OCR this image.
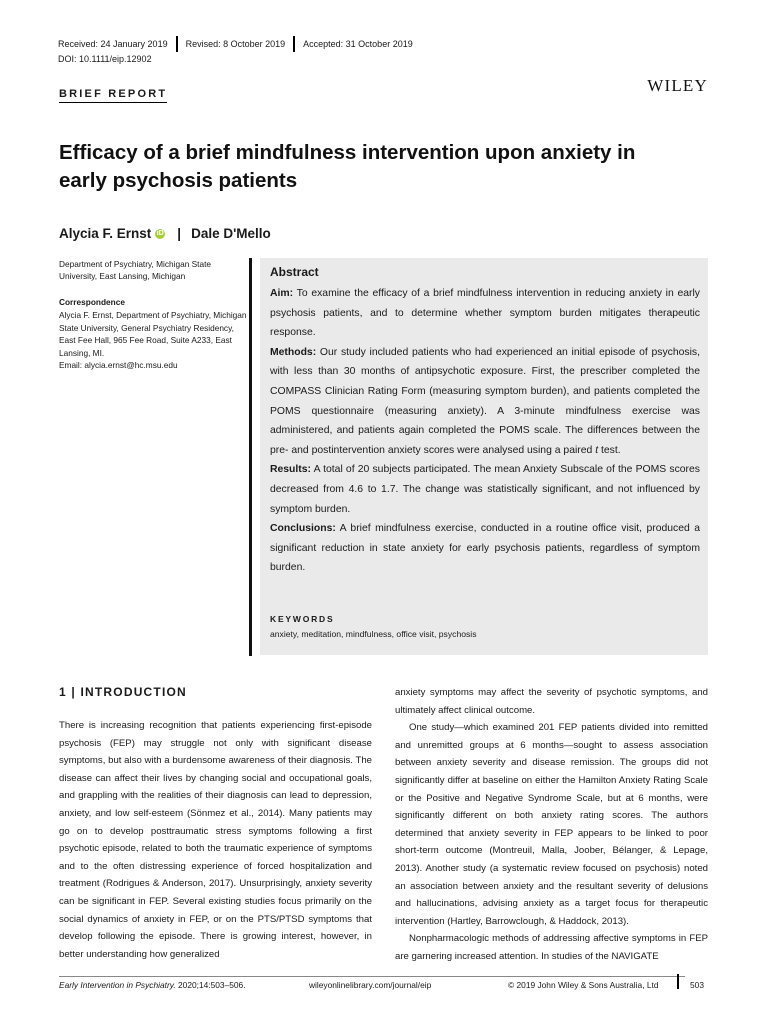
Received: 24 January 2019 Revised: 8 October 2019 Accepted: 31 October 2019
DOI: 10.1111/eip.12902
WILEY
BRIEF REPORT
Efficacy of a brief mindfulness intervention upon anxiety in early psychosis patients
Alycia F. Ernst iD | Dale D'Mello
Department of Psychiatry, Michigan State University, East Lansing, Michigan
Correspondence
Alycia F. Ernst, Department of Psychiatry, Michigan State University, General Psychiatry Residency, East Fee Hall, 965 Fee Road, Suite A233, East Lansing, MI.
Email: alycia.ernst@hc.msu.edu
Abstract

Aim: To examine the efficacy of a brief mindfulness intervention in reducing anxiety in early psychosis patients, and to determine whether symptom burden mitigates therapeutic response.

Methods: Our study included patients who had experienced an initial episode of psychosis, with less than 30 months of antipsychotic exposure. First, the prescriber completed the COMPASS Clinician Rating Form (measuring symptom burden), and patients completed the POMS questionnaire (measuring anxiety). A 3-minute mindfulness exercise was administered, and patients again completed the POMS scale. The differences between the pre- and postintervention anxiety scores were analysed using a paired t test.

Results: A total of 20 subjects participated. The mean Anxiety Subscale of the POMS scores decreased from 4.6 to 1.7. The change was statistically significant, and not influenced by symptom burden.

Conclusions: A brief mindfulness exercise, conducted in a routine office visit, produced a significant reduction in state anxiety for early psychosis patients, regardless of symptom burden.

KEYWORDS
anxiety, meditation, mindfulness, office visit, psychosis
1 | INTRODUCTION

There is increasing recognition that patients experiencing first-episode psychosis (FEP) may struggle not only with significant disease symptoms, but also with a burdensome awareness of their diagnosis. The disease can affect their lives by changing social and occupational goals, and grappling with the realities of their diagnosis can lead to depression, anxiety, and low self-esteem (Sönmez et al., 2014). Many patients may go on to develop posttraumatic stress symptoms following a first psychotic episode, related to both the traumatic experience of symptoms and to the often distressing experience of forced hospitalization and treatment (Rodrigues & Anderson, 2017). Unsurprisingly, anxiety severity can be significant in FEP. Several existing studies focus primarily on the social dynamics of anxiety in FEP, or on the PTS/PTSD symptoms that develop following the episode. There is growing interest, however, in better understanding how generalized

anxiety symptoms may affect the severity of psychotic symptoms, and ultimately affect clinical outcome.

One study—which examined 201 FEP patients divided into remitted and unremitted groups at 6 months—sought to assess association between anxiety severity and disease remission. The groups did not significantly differ at baseline on either the Hamilton Anxiety Rating Scale or the Positive and Negative Syndrome Scale, but at 6 months, were significantly different on both anxiety rating scores. The authors determined that anxiety severity in FEP appears to be linked to poor short-term outcome (Montreuil, Malla, Joober, Bélanger, & Lepage, 2013). Another study (a systematic review focused on psychosis) noted an association between anxiety and the resultant severity of delusions and hallucinations, advising anxiety as a target focus for therapeutic intervention (Hartley, Barrowclough, & Haddock, 2013).

Nonpharmacologic methods of addressing affective symptoms in FEP are garnering increased attention. In studies of the NAVIGATE

Early Intervention in Psychiatry. 2020;14:503–506.	wileyonlinelibrary.com/journal/eip	© 2019 John Wiley & Sons Australia, Ltd	503
